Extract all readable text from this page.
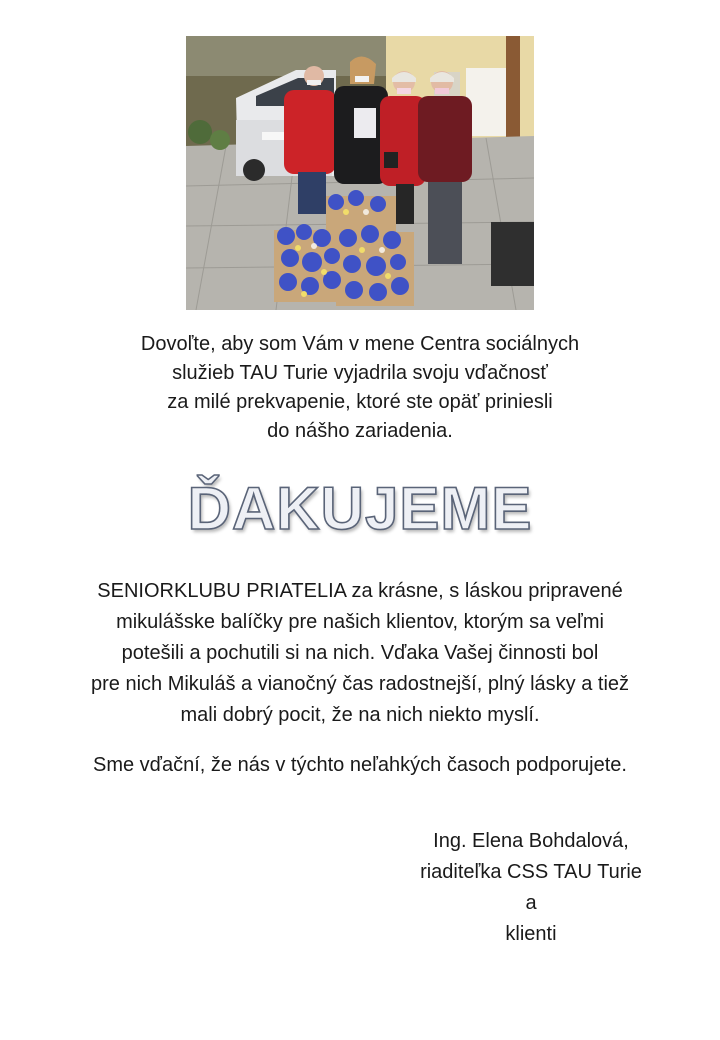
Dovoľte, aby som Vám v mene Centra sociálnych
služieb TAU Turie vyjadrila svoju vďačnosť
za milé prekvapenie, ktoré ste opäť priniesli
do nášho zariadenia.
ĎAKUJEME
SENIORKLUBU PRIATELIA za krásne, s láskou pripravené
mikulášske balíčky pre našich klientov, ktorým sa veľmi
potešili a pochutili si na nich. Vďaka Vašej činnosti bol
pre nich Mikuláš a vianočný čas radostnejší, plný lásky a tiež
mali dobrý pocit, že na nich niekto myslí.
Sme vďační, že nás v týchto neľahkých časoch podporujete.
Ing. Elena Bohdalová,
riaditeľka CSS TAU Turie
a
klienti
